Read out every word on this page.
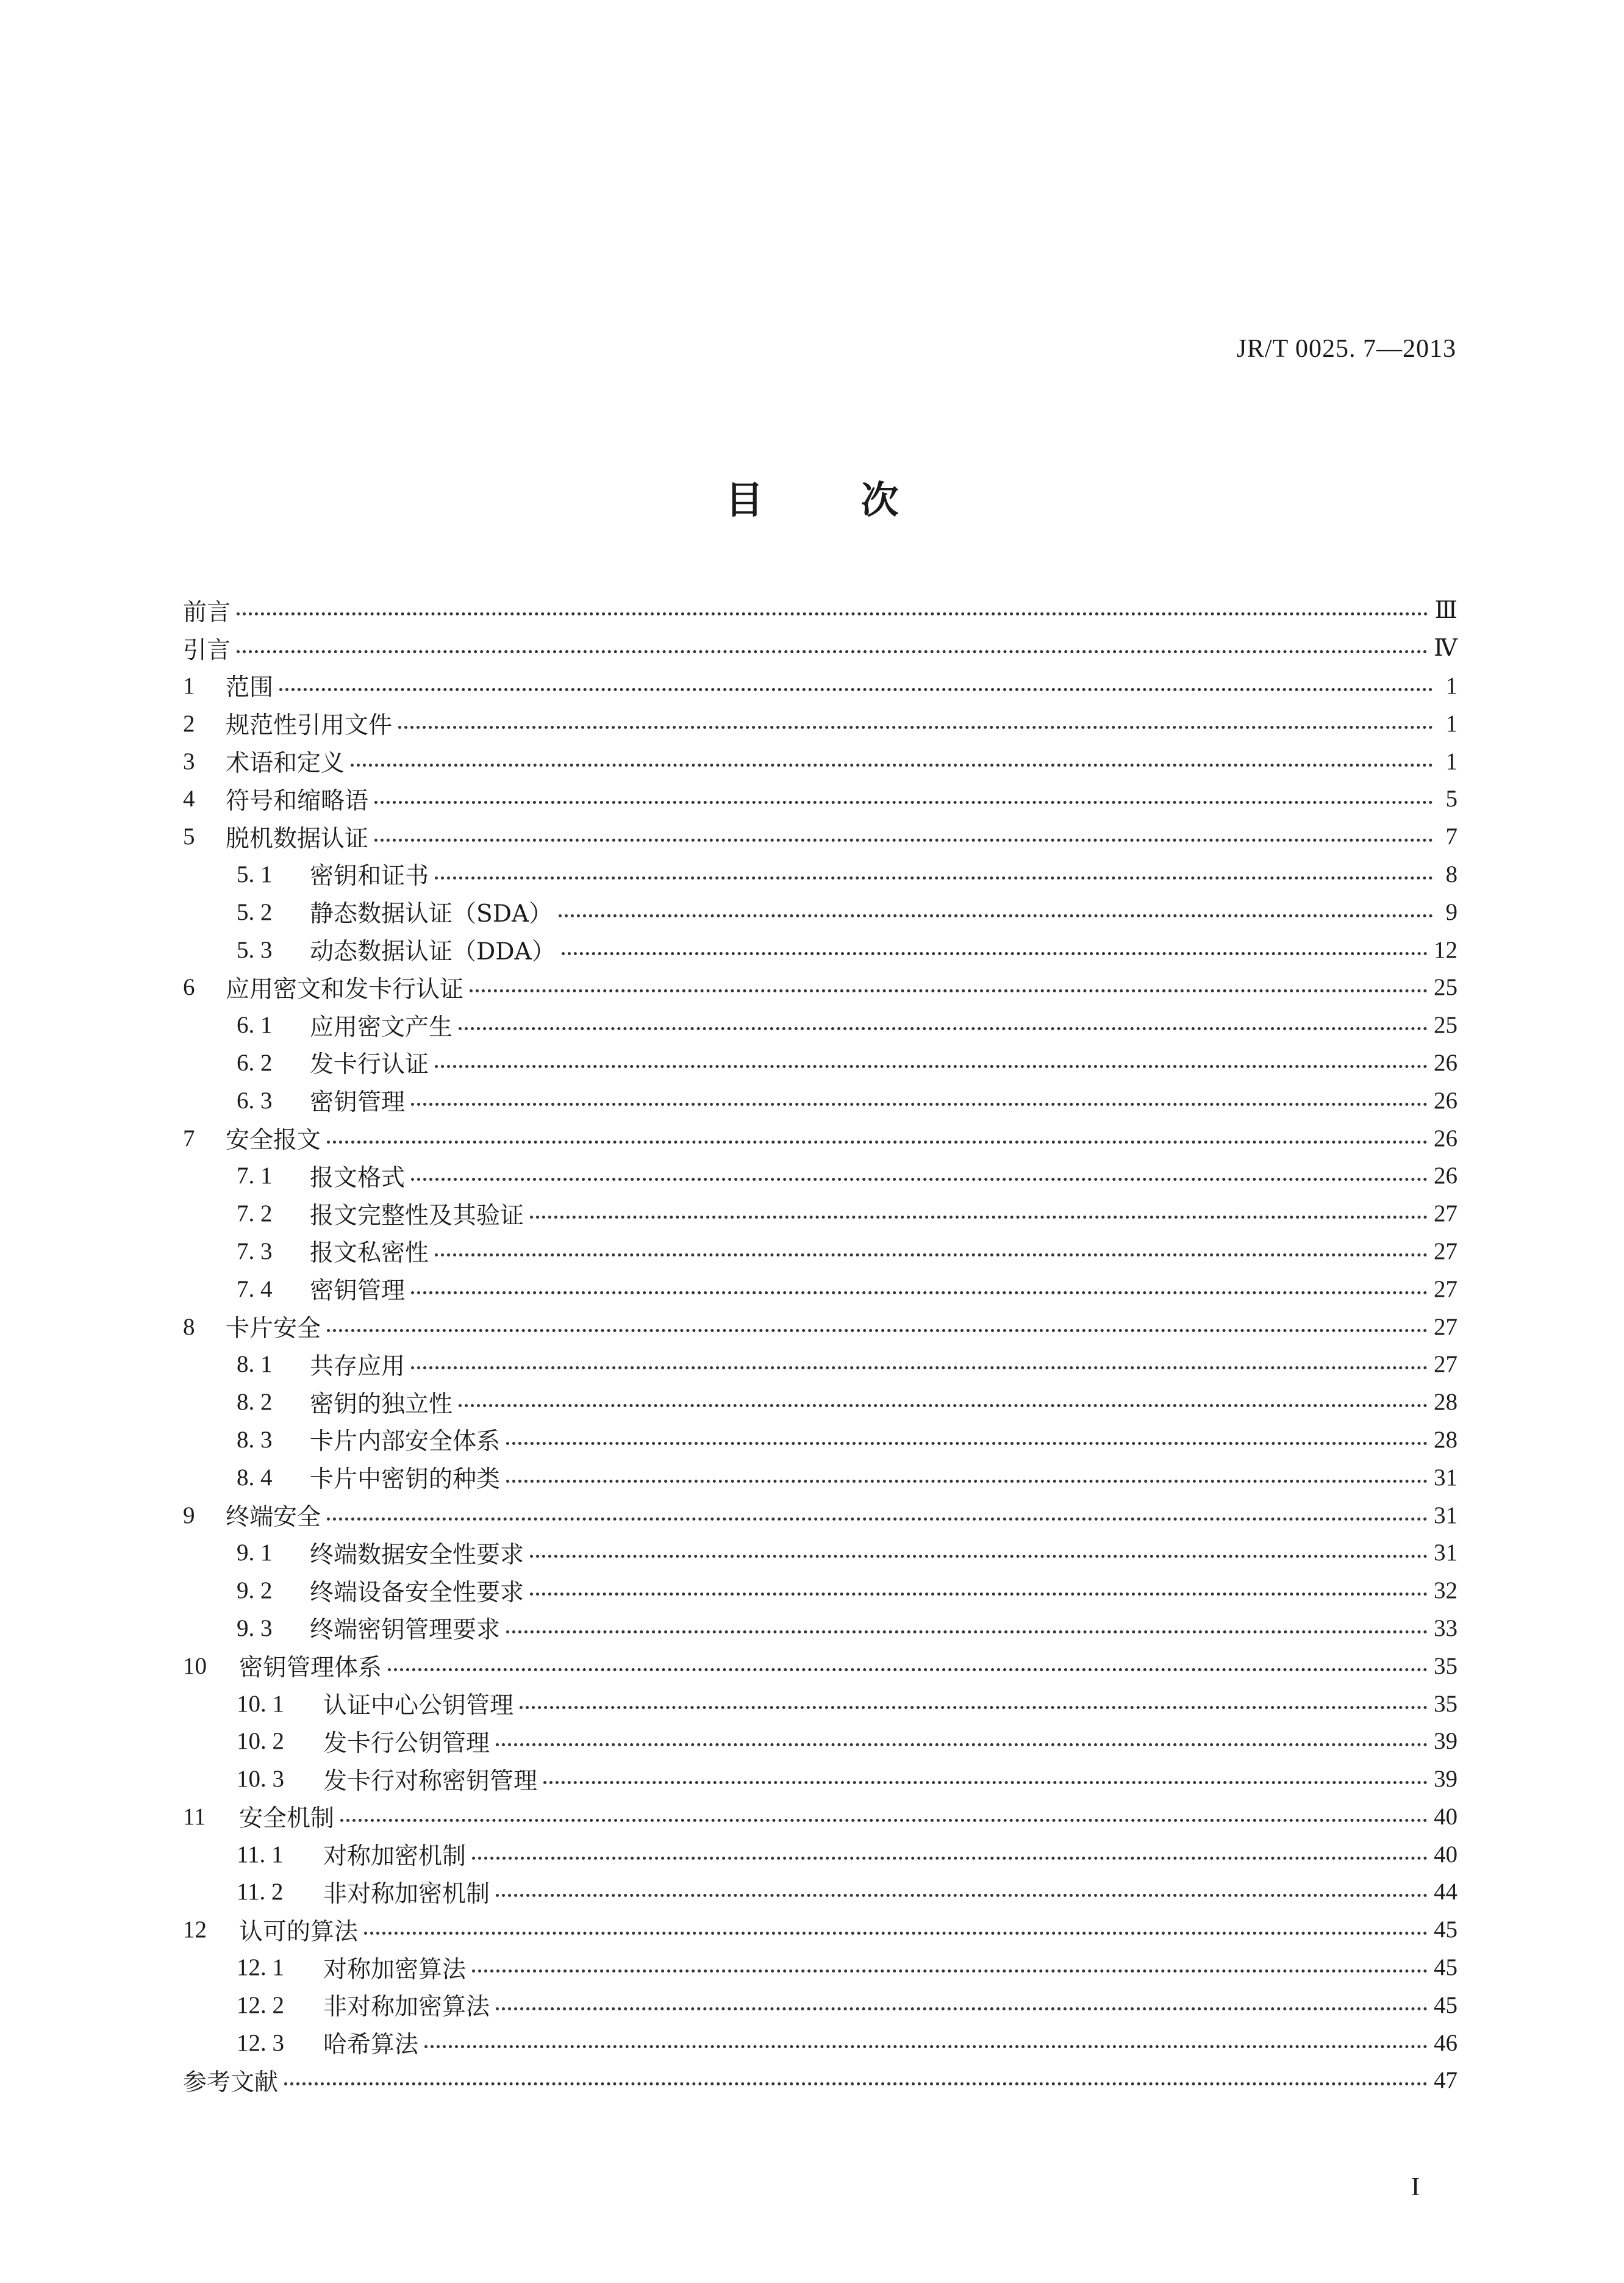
JR/T 0025. 7—2013
目次
前言	Ⅲ
引言	Ⅳ
1	范围	1
2	规范性引用文件	1
3	术语和定义	1
4	符号和缩略语	5
5	脱机数据认证	7
5. 1	密钥和证书	8
5. 2	静态数据认证（SDA）	9
5. 3	动态数据认证（DDA）	12
6	应用密文和发卡行认证	25
6. 1	应用密文产生	25
6. 2	发卡行认证	26
6. 3	密钥管理	26
7	安全报文	26
7. 1	报文格式	26
7. 2	报文完整性及其验证	27
7. 3	报文私密性	27
7. 4	密钥管理	27
8	卡片安全	27
8. 1	共存应用	27
8. 2	密钥的独立性	28
8. 3	卡片内部安全体系	28
8. 4	卡片中密钥的种类	31
9	终端安全	31
9. 1	终端数据安全性要求	31
9. 2	终端设备安全性要求	32
9. 3	终端密钥管理要求	33
10	密钥管理体系	35
10. 1	认证中心公钥管理	35
10. 2	发卡行公钥管理	39
10. 3	发卡行对称密钥管理	39
11	安全机制	40
11. 1	对称加密机制	40
11. 2	非对称加密机制	44
12	认可的算法	45
12. 1	对称加密算法	45
12. 2	非对称加密算法	45
12. 3	哈希算法	46
参考文献	47
I
